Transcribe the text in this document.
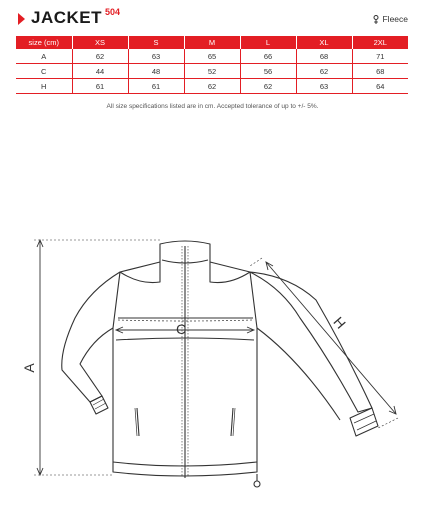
JACKET 504
Fleece
size (cm)	XS	S	M	L	XL	2XL
A	62	63	65	66	68	71
C	44	48	52	56	62	68
H	61	61	62	62	63	64
All size specifications listed are in cm. Accepted tolerance of up to +/- 5%.
A
C	H
